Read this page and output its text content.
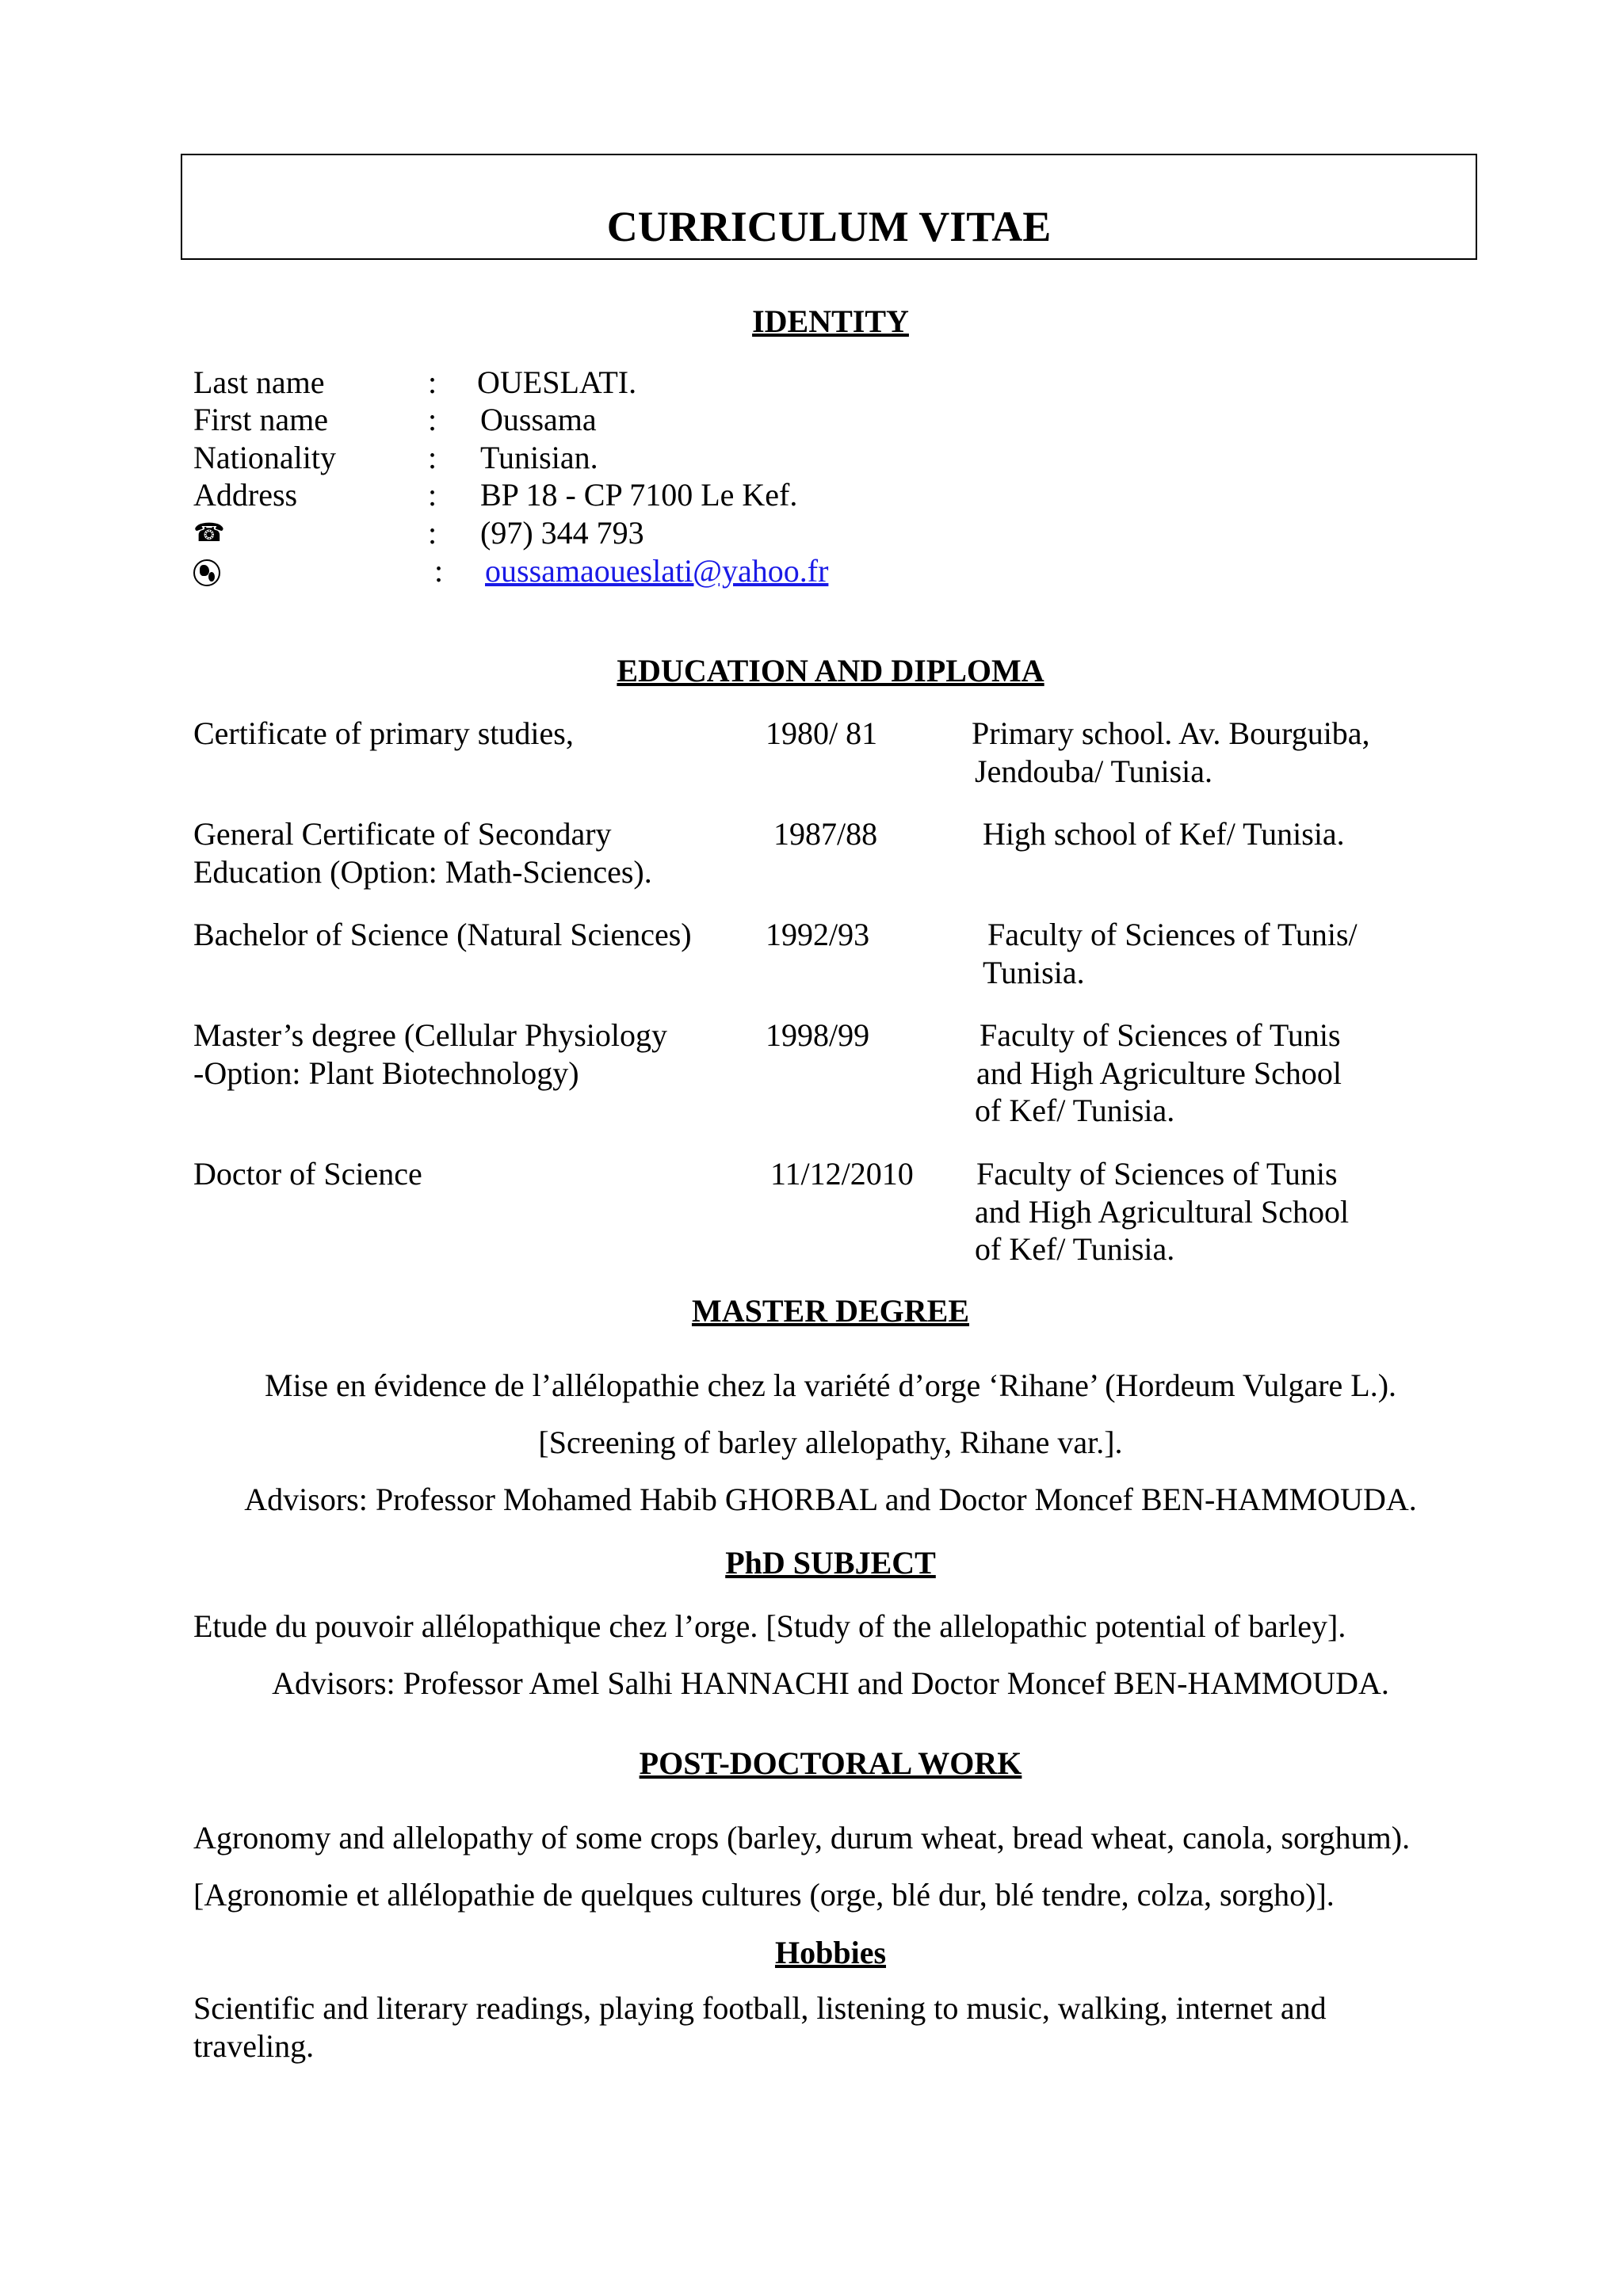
CURRICULUM VITAE
IDENTITY
Last name	: OUESLATI.
First name	: Oussama
Nationality	: Tunisian.
Address	: BP 18 - CP 7100 Le Kef.
☎	: (97) 344 793
: oussamaoueslati@yahoo.fr
EDUCATION AND DIPLOMA
Certificate of primary studies,	1980/ 81	Primary school. Av. Bourguiba,
Jendouba/ Tunisia.
General Certificate of Secondary
Education (Option: Math-Sciences).
1987/88	High school of Kef/ Tunisia.
Bachelor of Science (Natural Sciences) 1992/93	Faculty of Sciences of Tunis/
Tunisia.
Master’s degree (Cellular Physiology
-Option: Plant Biotechnology)
1998/99	Faculty of Sciences of Tunis
and High Agriculture School
of Kef/ Tunisia.
Doctor of Science	11/12/2010 Faculty of Sciences of Tunis
and High Agricultural School
of Kef/ Tunisia.
MASTER DEGREE
Mise en évidence de l’allélopathie chez la variété d’orge ‘Rihane’ (Hordeum Vulgare L.).
[Screening of barley allelopathy, Rihane var.].
Advisors: Professor Mohamed Habib GHORBAL and Doctor Moncef BEN-HAMMOUDA.
PhD SUBJECT
Etude du pouvoir allélopathique chez l’orge. [Study of the allelopathic potential of barley].
Advisors: Professor Amel Salhi HANNACHI and Doctor Moncef BEN-HAMMOUDA.
POST-DOCTORAL WORK
Agronomy and allelopathy of some crops (barley, durum wheat, bread wheat, canola, sorghum).
[Agronomie et allélopathie de quelques cultures (orge, blé dur, blé tendre, colza, sorgho)].
Hobbies
Scientific and literary readings, playing football, listening to music, walking, internet and
traveling.
